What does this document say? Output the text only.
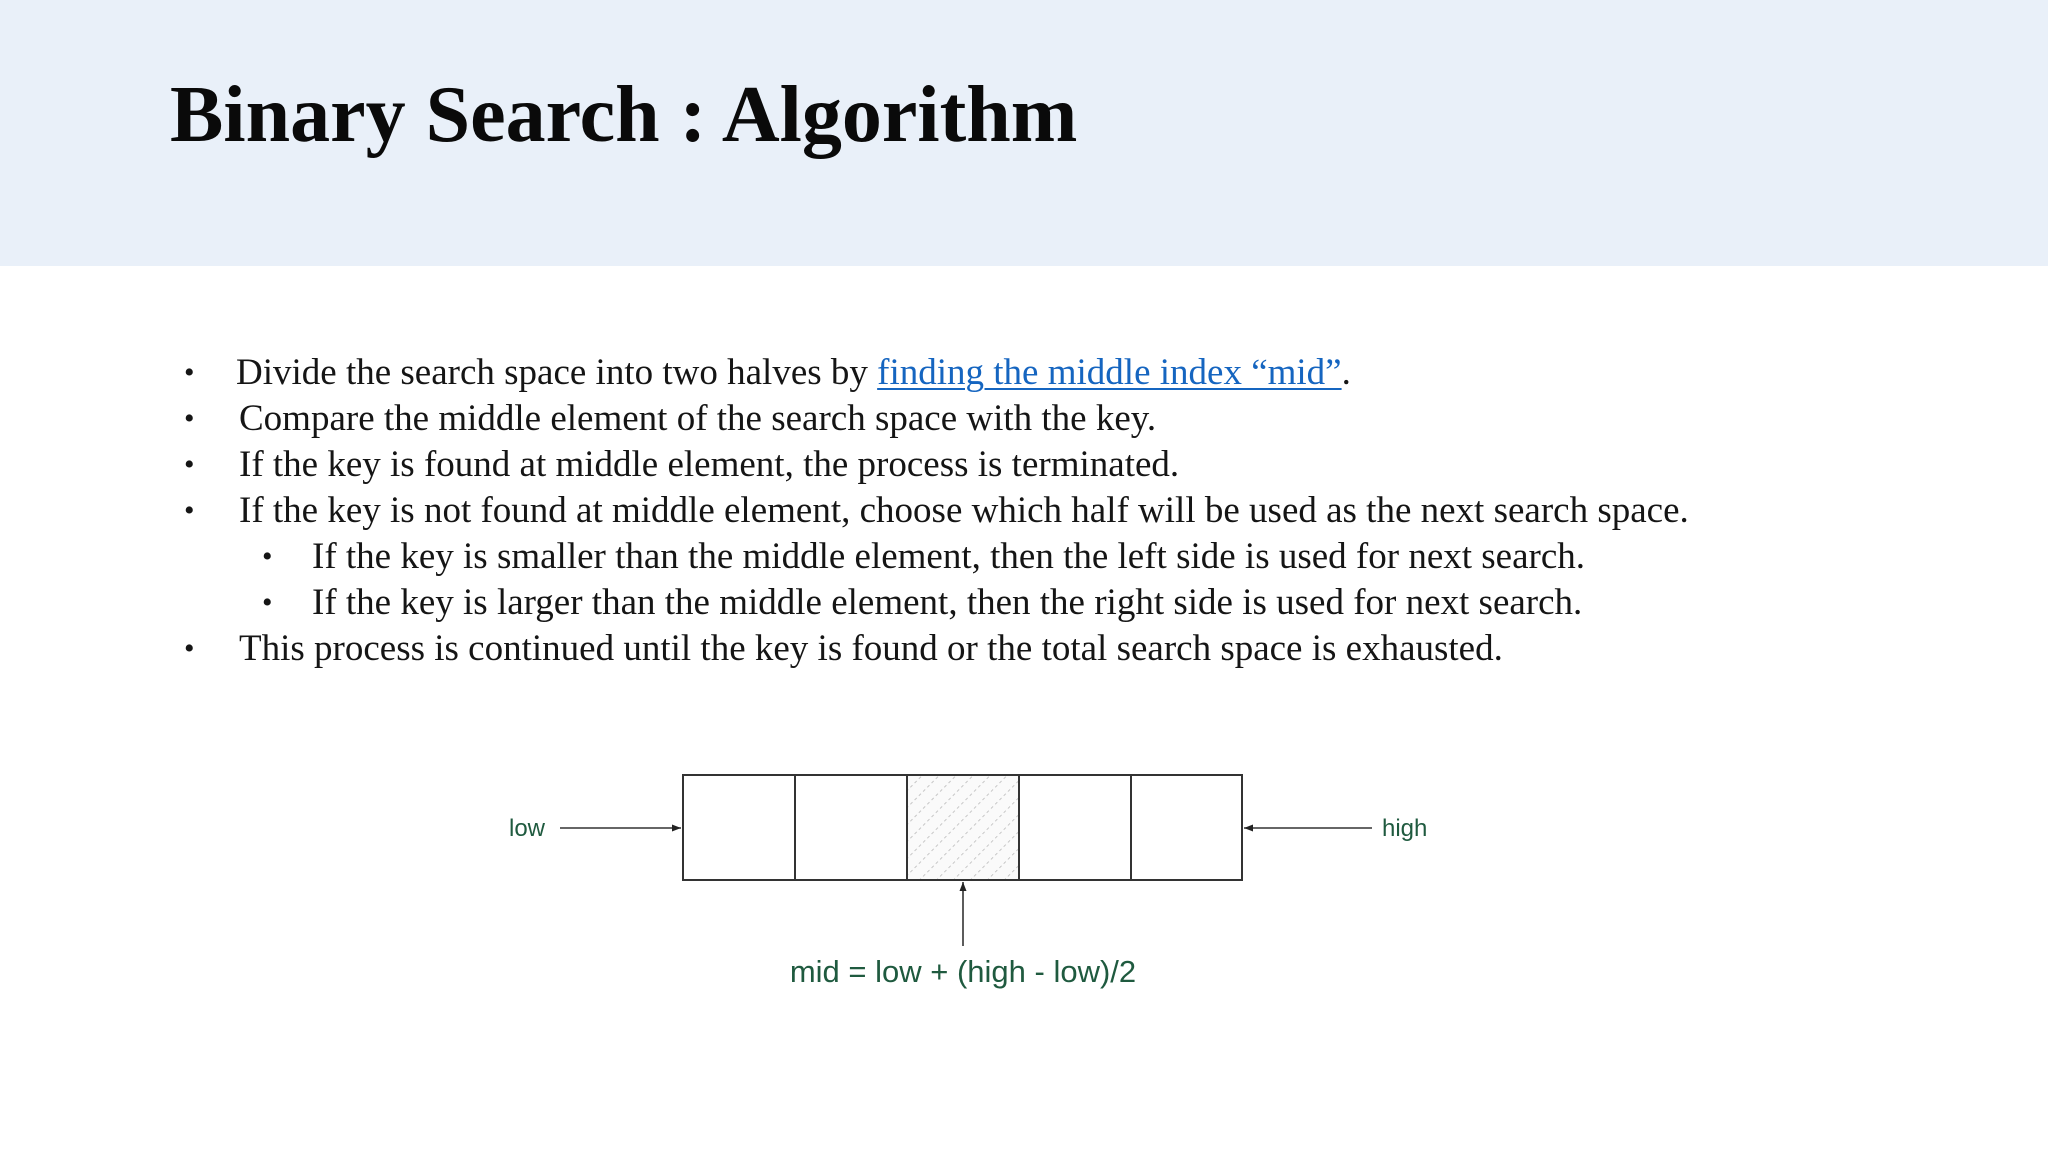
Binary Search : Algorithm
• Divide the search space into two halves by finding the middle index “mid”.
• Compare the middle element of the search space with the key.
• If the key is found at middle element, the process is terminated.
• If the key is not found at middle element, choose which half will be used as the next search space.
• If the key is smaller than the middle element, then the left side is used for next search.
• If the key is larger than the middle element, then the right side is used for next search.
• This process is continued until the key is found or the total search space is exhausted.
low	high
mid = low + (high - low)/2
